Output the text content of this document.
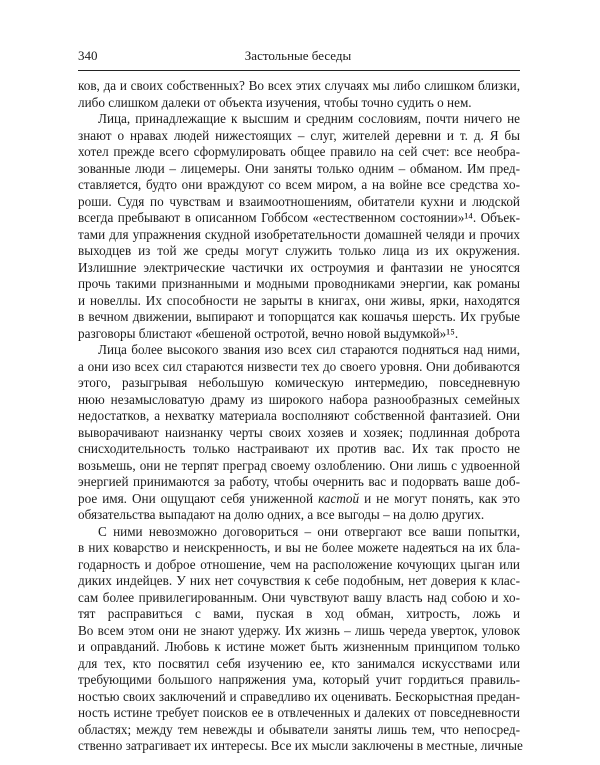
340	Застольные беседы
ков, да и своих собственных? Во всех этих случаях мы либо слишком близки,
либо слишком далеки от объекта изучения, чтобы точно судить о нем.
Лица, принадлежащие к высшим и средним сословиям, почти ничего не
знают о нравах людей нижестоящих – слуг, жителей деревни и т. д. Я бы
хотел прежде всего сформулировать общее правило на сей счет: все необра-
зованные люди – лицемеры. Они заняты только одним – обманом. Им пред-
ставляется, будто они враждуют со всем миром, а на войне все средства хо-
роши. Судя по чувствам и взаимоотношениям, обитатели кухни и людской
всегда пребывают в описанном Гоббсом «естественном состоянии»¹⁴. Объек-
тами для упражнения скудной изобретательности домашней челяди и прочих
выходцев из той же среды могут служить только лица из их окружения.
Излишние электрические частички их остроумия и фантазии не уносятся
прочь такими признанными и модными проводниками энергии, как романы
и новеллы. Их способности не зарыты в книгах, они живы, ярки, находятся
в вечном движении, выпирают и топорщатся как кошачья шерсть. Их грубые
разговоры блистают «бешеной остротой, вечно новой выдумкой»¹⁵.
Лица более высокого звания изо всех сил стараются подняться над ними,
а они изо всех сил стараются низвести тех до своего уровня. Они добиваются
этого, разыгрывая небольшую комическую интермедию, повседневную
нюю незамысловатую драму из широкого набора разнообразных семейных
недостатков, а нехватку материала восполняют собственной фантазией. Они
выворачивают наизнанку черты своих хозяев и хозяек; подлинная доброта
снисходительность только настраивают их против вас. Их так просто не
возьмешь, они не терпят преград своему озлоблению. Они лишь с удвоенной
энергией принимаются за работу, чтобы очернить вас и подорвать ваше доб-
рое имя. Они ощущают себя униженной кастой и не могут понять, как это
обязательства выпадают на долю одних, а все выгоды – на долю других.
С ними невозможно договориться – они отвергают все ваши попытки,
в них коварство и неискренность, и вы не более можете надеяться на их бла-
годарность и доброе отношение, чем на расположение кочующих цыган или
диких индейцев. У них нет сочувствия к себе подобным, нет доверия к клас-
сам более привилегированным. Они чувствуют вашу власть над собою и хо-
тят расправиться с вами, пуская в ход обман, хитрость, ложь и
Во всем этом они не знают удержу. Их жизнь – лишь череда уверток, уловок
и оправданий. Любовь к истине может быть жизненным принципом только
для тех, кто посвятил себя изучению ее, кто занимался искусствами или
требующими большого напряжения ума, который учит гордиться правиль-
ностью своих заключений и справедливо их оценивать. Бескорыстная предан-
ность истине требует поисков ее в отвлеченных и далеких от повседневности
областях; между тем невежды и обыватели заняты лишь тем, что непосред-
ственно затрагивает их интересы. Все их мысли заключены в местные, личные
